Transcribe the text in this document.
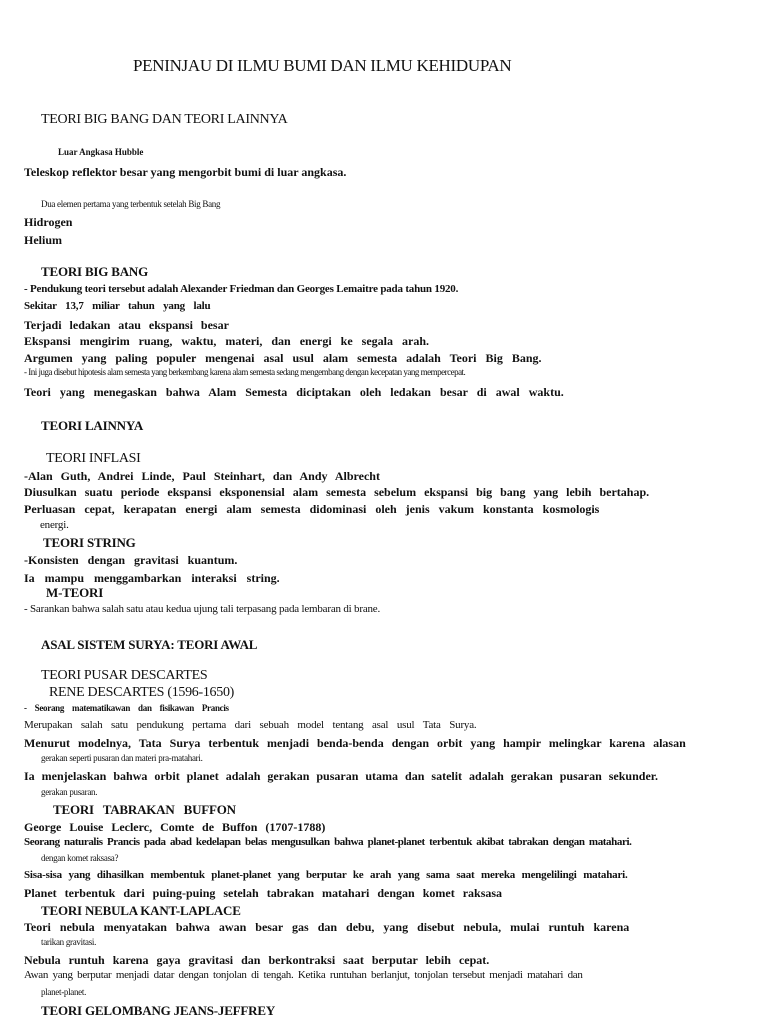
PENINJAU DI ILMU BUMI DAN ILMU KEHIDUPAN
TEORI BIG BANG DAN TEORI LAINNYA
Luar Angkasa Hubble
Teleskop reflektor besar yang mengorbit bumi di luar angkasa.
Dua elemen pertama yang terbentuk setelah Big Bang
Hidrogen
Helium
TEORI BIG BANG
- Pendukung teori tersebut adalah Alexander Friedman dan Georges Lemaitre pada tahun 1920.
Sekitar 13,7 miliar tahun yang lalu
Terjadi ledakan atau ekspansi besar
Ekspansi mengirim ruang, waktu, materi, dan energi ke segala arah.
Argumen yang paling populer mengenai asal usul alam semesta adalah Teori Big Bang.
- Ini juga disebut hipotesis alam semesta yang berkembang karena alam semesta sedang mengembang dengan kecepatan yang mempercepat.
Teori yang menegaskan bahwa Alam Semesta diciptakan oleh ledakan besar di awal waktu.
TEORI LAINNYA
TEORI INFLASI
-Alan Guth, Andrei Linde, Paul Steinhart, dan Andy Albrecht
Diusulkan suatu periode ekspansi eksponensial alam semesta sebelum ekspansi big bang yang lebih bertahap.
Perluasan cepat, kerapatan energi alam semesta didominasi oleh jenis vakum konstanta kosmologis
energi.
TEORI STRING
-Konsisten dengan gravitasi kuantum.
Ia mampu menggambarkan interaksi string.
M-TEORI
- Sarankan bahwa salah satu atau kedua ujung tali terpasang pada lembaran di brane.
ASAL SISTEM SURYA: TEORI AWAL
TEORI PUSAR DESCARTES
RENE DESCARTES (1596-1650)
- Seorang matematikawan dan fisikawan Prancis
Merupakan salah satu pendukung pertama dari sebuah model tentang asal usul Tata Surya.
Menurut modelnya, Tata Surya terbentuk menjadi benda-benda dengan orbit yang hampir melingkar karena alasan
gerakan seperti pusaran dan materi pra-matahari.
Ia menjelaskan bahwa orbit planet adalah gerakan pusaran utama dan satelit adalah gerakan pusaran sekunder.
gerakan pusaran.
TEORI TABRAKAN BUFFON
George Louise Leclerc, Comte de Buffon (1707-1788)
Seorang naturalis Prancis pada abad kedelapan belas mengusulkan bahwa planet-planet terbentuk akibat tabrakan dengan matahari.
dengan komet raksasa?
Sisa-sisa yang dihasilkan membentuk planet-planet yang berputar ke arah yang sama saat mereka mengelilingi matahari.
Planet terbentuk dari puing-puing setelah tabrakan matahari dengan komet raksasa
TEORI NEBULA KANT-LAPLACE
Teori nebula menyatakan bahwa awan besar gas dan debu, yang disebut nebula, mulai runtuh karena
tarikan gravitasi.
Nebula runtuh karena gaya gravitasi dan berkontraksi saat berputar lebih cepat.
Awan yang berputar menjadi datar dengan tonjolan di tengah. Ketika runtuhan berlanjut, tonjolan tersebut menjadi matahari dan
planet-planet.
TEORI GELOMBANG JEANS-JEFFREY
